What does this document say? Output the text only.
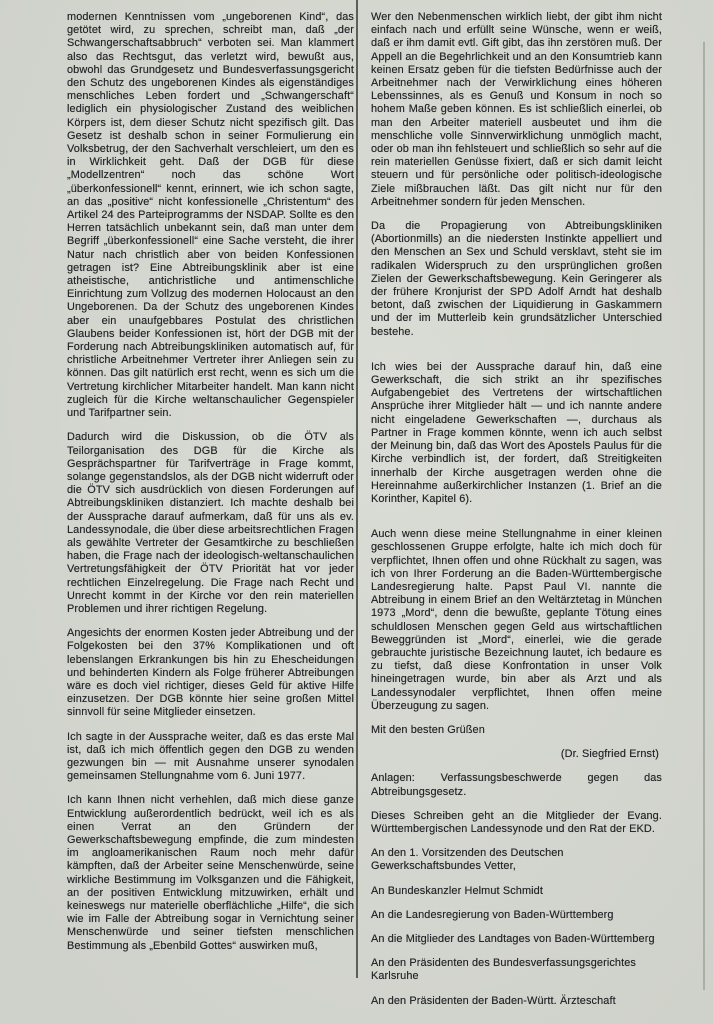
modernen Kenntnissen vom „ungeborenen Kind“, das getötet wird, zu sprechen, schreibt man, daß „der Schwangerschaftsabbruch“ verboten sei. Man klammert also das Rechtsgut, das verletzt wird, bewußt aus, obwohl das Grundgesetz und Bundesverfassungsgericht den Schutz des ungeborenen Kindes als eigenständiges menschliches Leben fordert und „Schwangerschaft“ lediglich ein physiologischer Zustand des weiblichen Körpers ist, dem dieser Schutz nicht spezifisch gilt. Das Gesetz ist deshalb schon in seiner Formulierung ein Volksbetrug, der den Sachverhalt verschleiert, um den es in Wirklichkeit geht. Daß der DGB für diese „Modellzentren“ noch das schöne Wort „überkonfessionell“ kennt, erinnert, wie ich schon sagte, an das „positive“ nicht konfessionelle „Christentum“ des Artikel 24 des Parteiprogramms der NSDAP. Sollte es den Herren tatsächlich unbekannt sein, daß man unter dem Begriff „überkonfessionell“ eine Sache versteht, die ihrer Natur nach christlich aber von beiden Konfessionen getragen ist? Eine Abtreibungsklinik aber ist eine atheistische, antichristliche und antimenschliche Einrichtung zum Vollzug des modernen Holocaust an den Ungeborenen. Da der Schutz des ungeborenen Kindes aber ein unaufgebbares Postulat des christlichen Glaubens beider Konfessionen ist, hört der DGB mit der Forderung nach Abtreibungskliniken automatisch auf, für christliche Arbeitnehmer Vertreter ihrer Anliegen sein zu können. Das gilt natürlich erst recht, wenn es sich um die Vertretung kirchlicher Mitarbeiter handelt. Man kann nicht zugleich für die Kirche weltanschaulicher Gegenspieler und Tarifpartner sein.

Dadurch wird die Diskussion, ob die ÖTV als Teilorganisation des DGB für die Kirche als Gesprächspartner für Tarifverträge in Frage kommt, solange gegenstandslos, als der DGB nicht widerruft oder die ÖTV sich ausdrücklich von diesen Forderungen auf Abtreibungskliniken distanziert. Ich machte deshalb bei der Aussprache darauf aufmerkam, daß für uns als ev. Landessynodale, die über diese arbeitsrechtlichen Fragen als gewählte Vertreter der Gesamtkirche zu beschließen haben, die Frage nach der ideologisch-weltanschaulichen Vertretungsfähigkeit der ÖTV Priorität hat vor jeder rechtlichen Einzelregelung. Die Frage nach Recht und Unrecht kommt in der Kirche vor den rein materiellen Problemen und ihrer richtigen Regelung.

Angesichts der enormen Kosten jeder Abtreibung und der Folgekosten bei den 37% Komplikationen und oft lebenslangen Erkrankungen bis hin zu Ehescheidungen und behinderten Kindern als Folge früherer Abtreibungen wäre es doch viel richtiger, dieses Geld für aktive Hilfe einzusetzen. Der DGB könnte hier seine großen Mittel sinnvoll für seine Mitglieder einsetzen.

Ich sagte in der Aussprache weiter, daß es das erste Mal ist, daß ich mich öffentlich gegen den DGB zu wenden gezwungen bin — mit Ausnahme unserer synodalen gemeinsamen Stellungnahme vom 6. Juni 1977.

Ich kann Ihnen nicht verhehlen, daß mich diese ganze Entwicklung außerordentlich bedrückt, weil ich es als einen Verrat an den Gründern der Gewerkschaftsbewegung empfinde, die zum mindesten im angloamerikanischen Raum noch mehr dafür kämpften, daß der Arbeiter seine Menschenwürde, seine wirkliche Bestimmung im Volksganzen und die Fähigkeit, an der positiven Entwicklung mitzuwirken, erhält und keineswegs nur materielle oberflächliche „Hilfe“, die sich wie im Falle der Abtreibung sogar in Vernichtung seiner Menschenwürde und seiner tiefsten menschlichen Bestimmung als „Ebenbild Gottes“ auswirken muß,

Wer den Nebenmenschen wirklich liebt, der gibt ihm nicht einfach nach und erfüllt seine Wünsche, wenn er weiß, daß er ihm damit evtl. Gift gibt, das ihn zerstören muß. Der Appell an die Begehrlichkeit und an den Konsumtrieb kann keinen Ersatz geben für die tiefsten Bedürfnisse auch der Arbeitnehmer nach der Verwirklichung eines höheren Lebenssinnes, als es Genuß und Konsum in noch so hohem Maße geben können. Es ist schließlich einerlei, ob man den Arbeiter materiell ausbeutet und ihm die menschliche volle Sinnverwirklichung unmöglich macht, oder ob man ihn fehlsteuert und schließlich so sehr auf die rein materiellen Genüsse fixiert, daß er sich damit leicht steuern und für persönliche oder politisch-ideologische Ziele mißbrauchen läßt. Das gilt nicht nur für den Arbeitnehmer sondern für jeden Menschen.

Da die Propagierung von Abtreibungskliniken (Abortionmills) an die niedersten Instinkte appelliert und den Menschen an Sex und Schuld versklavt, steht sie im radikalen Widerspruch zu den ursprünglichen großen Zielen der Gewerkschaftsbewegung. Kein Geringerer als der frühere Kronjurist der SPD Adolf Arndt hat deshalb betont, daß zwischen der Liquidierung in Gaskammern und der im Mutterleib kein grundsätzlicher Unterschied bestehe.

Ich wies bei der Aussprache darauf hin, daß eine Gewerkschaft, die sich strikt an ihr spezifisches Aufgabengebiet des Vertretens der wirtschaftlichen Ansprüche ihrer Mitglieder hält — und ich nannte andere nicht eingeladene Gewerkschaften —, durchaus als Partner in Frage kommen könnte, wenn ich auch selbst der Meinung bin, daß das Wort des Apostels Paulus für die Kirche verbindlich ist, der fordert, daß Streitigkeiten innerhalb der Kirche ausgetragen werden ohne die Hereinnahme außerkirchlicher Instanzen (1. Brief an die Korinther, Kapitel 6).

Auch wenn diese meine Stellungnahme in einer kleinen geschlossenen Gruppe erfolgte, halte ich mich doch für verpflichtet, Ihnen offen und ohne Rückhalt zu sagen, was ich von Ihrer Forderung an die Baden-Württembergische Landesregierung halte. Papst Paul VI. nannte die Abtreibung in einem Brief an den Weltärztetag in München 1973 „Mord“, denn die bewußte, geplante Tötung eines schuldlosen Menschen gegen Geld aus wirtschaftlichen Beweggründen ist „Mord“, einerlei, wie die gerade gebrauchte juristische Bezeichnung lautet, ich bedaure es zu tiefst, daß diese Konfrontation in unser Volk hineingetragen wurde, bin aber als Arzt und als Landessynodaler verpflichtet, Ihnen offen meine Überzeugung zu sagen.

Mit den besten Grüßen

(Dr. Siegfried Ernst)

Anlagen: Verfassungsbeschwerde gegen das Abtreibungsgesetz.

Dieses Schreiben geht an die Mitglieder der Evang. Württembergischen Landessynode und den Rat der EKD.

An den 1. Vorsitzenden des Deutschen Gewerkschaftsbundes Vetter,

An Bundeskanzler Helmut Schmidt

An die Landesregierung von Baden-Württemberg

An die Mitglieder des Landtages von Baden-Württemberg

An den Präsidenten des Bundesverfassungsgerichtes Karlsruhe

An den Präsidenten der Baden-Württ. Ärzteschaft
